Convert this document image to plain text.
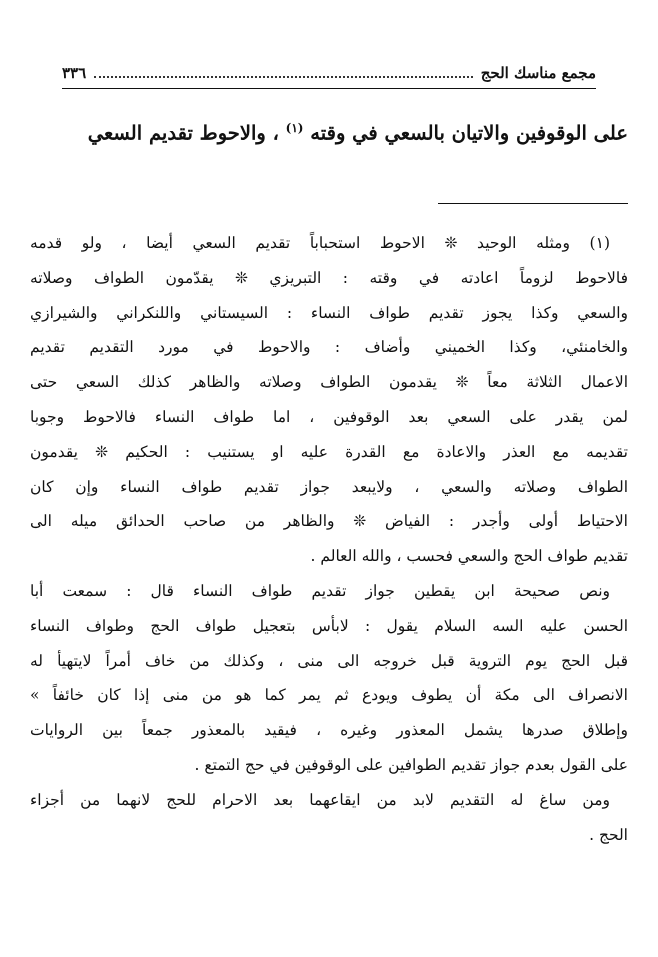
مجمع مناسك الحج
٣٣٦
على الوقوفين والاتيان بالسعي في وقته $^{(١)}$ ، والاحوط تقديم السعي
(١) ومثله الوحيد ❊ الاحوط استحباباً تقديم السعي أيضا ، ولو قدمه
فالاحوط لزوماً اعادته في وقته : التبريزي ❊ يقدّمون الطواف وصلاته
والسعي وكذا يجوز تقديم طواف النساء : السيستاني واللنكراني والشيرازي
والخامنئي، وكذا الخميني وأضاف : والاحوط في مورد التقديم تقديم
الاعمال الثلاثة معاً ❊ يقدمون الطواف وصلاته والظاهر كذلك السعي حتى
لمن يقدر على السعي بعد الوقوفين ، اما طواف النساء فالاحوط وجوبا
تقديمه مع العذر والاعادة مع القدرة عليه او يستنيب : الحكيم ❊ يقدمون
الطواف وصلاته والسعي ، ولايبعد جواز تقديم طواف النساء وإن كان
الاحتياط أولى وأجدر : الفياض ❊ والظاهر من صاحب الحدائق ميله الى
تقديم طواف الحج والسعي فحسب ، والله العالم .
ونص صحيحة ابن يقطين جواز تقديم طواف النساء قال : سمعت أبا
الحسن عليه السه السلام يقول : لابأس بتعجيل طواف الحج وطواف النساء
قبل الحج يوم التروية قبل خروجه الى منى ، وكذلك من خاف أمراً لايتهيأ له
الانصراف الى مكة أن يطوف ويودع ثم يمر كما هو من منى إذا كان خائفاً »
وإطلاق صدرها يشمل المعذور وغيره ، فيقيد بالمعذور جمعاً بين الروايات
على القول بعدم جواز تقديم الطوافين على الوقوفين في حج التمتع .
ومن ساغ له التقديم لابد من ايقاعهما بعد الاحرام للحج لانهما من أجزاء
الحج .
